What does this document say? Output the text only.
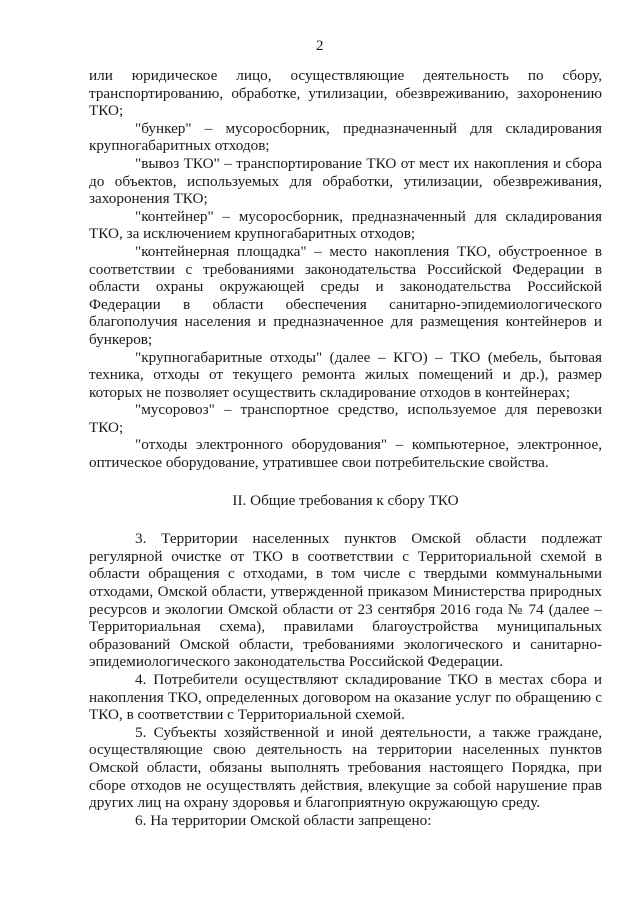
2

или юридическое лицо, осуществляющие деятельность по сбору, транспортированию, обработке, утилизации, обезвреживанию, захоронению ТКО;

"бункер" – мусоросборник, предназначенный для складирования крупногабаритных отходов;

"вывоз ТКО" – транспортирование ТКО от мест их накопления и сбора до объектов, используемых для обработки, утилизации, обезвреживания, захоронения ТКО;

"контейнер" – мусоросборник, предназначенный для складирования ТКО, за исключением крупногабаритных отходов;

"контейнерная площадка" – место накопления ТКО, обустроенное в соответствии с требованиями законодательства Российской Федерации в области охраны окружающей среды и законодательства Российской Федерации в области обеспечения санитарно-эпидемиологического благополучия населения и предназначенное для размещения контейнеров и бункеров;

"крупногабаритные отходы" (далее – КГО) – ТКО (мебель, бытовая техника, отходы от текущего ремонта жилых помещений и др.), размер которых не позволяет осуществить складирование отходов в контейнерах;

"мусоровоз" – транспортное средство, используемое для перевозки ТКО;

"отходы электронного оборудования" – компьютерное, электронное, оптическое оборудование, утратившее свои потребительские свойства.

II. Общие требования к сбору ТКО

3. Территории населенных пунктов Омской области подлежат регулярной очистке от ТКО в соответствии с Территориальной схемой в области обращения с отходами, в том числе с твердыми коммунальными отходами, Омской области, утвержденной приказом Министерства природных ресурсов и экологии Омской области от 23 сентября 2016 года № 74 (далее – Территориальная схема), правилами благоустройства муниципальных образований Омской области, требованиями экологического и санитарно-эпидемиологического законодательства Российской Федерации.

4. Потребители осуществляют складирование ТКО в местах сбора и накопления ТКО, определенных договором на оказание услуг по обращению с ТКО, в соответствии с Территориальной схемой.

5. Субъекты хозяйственной и иной деятельности, а также граждане, осуществляющие свою деятельность на территории населенных пунктов Омской области, обязаны выполнять требования настоящего Порядка, при сборе отходов не осуществлять действия, влекущие за собой нарушение прав других лиц на охрану здоровья и благоприятную окружающую среду.

6. На территории Омской области запрещено:
